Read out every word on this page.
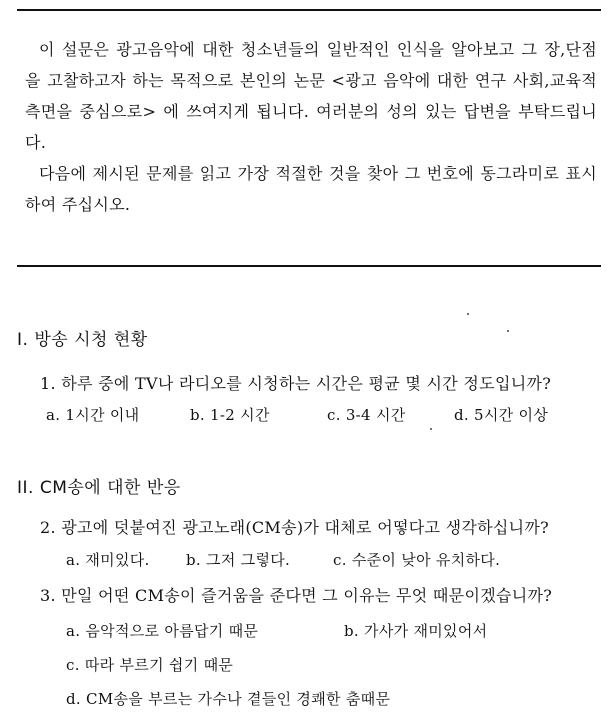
이 설문은 광고음악에 대한 청소년들의 일반적인 인식을 알아보고 그 장,단점을 고찰하고자 하는 목적으로 본인의 논문 <광고 음악에 대한 연구 사회,교육적 측면을 중심으로> 에 쓰여지게 됩니다. 여러분의 성의 있는 답변을 부탁드립니다.

다음에 제시된 문제를 읽고 가장 적절한 것을 찾아 그 번호에 동그라미로 표시하여 주십시오.

I. 방송 시청 현황
1. 하루 중에 TV나 라디오를 시청하는 시간은 평균 몇 시간 정도입니까?
a. 1시간 이내	b. 1-2 시간	c. 3-4 시간	d. 5시간 이상
II. CM송에 대한 반응
2. 광고에 덧붙여진 광고노래(CM송)가 대체로 어떻다고 생각하십니까?
a. 재미있다. b. 그저 그렇다.	c. 수준이 낮아 유치하다.
3. 만일 어떤 CM송이 즐거움을 준다면 그 이유는 무엇 때문이겠습니까?
a. 음악적으로 아름답기 때문	b. 가사가 재미있어서
c. 따라 부르기 쉽기 때문
d. CM송을 부르는 가수나 곁들인 경쾌한 춤때문
